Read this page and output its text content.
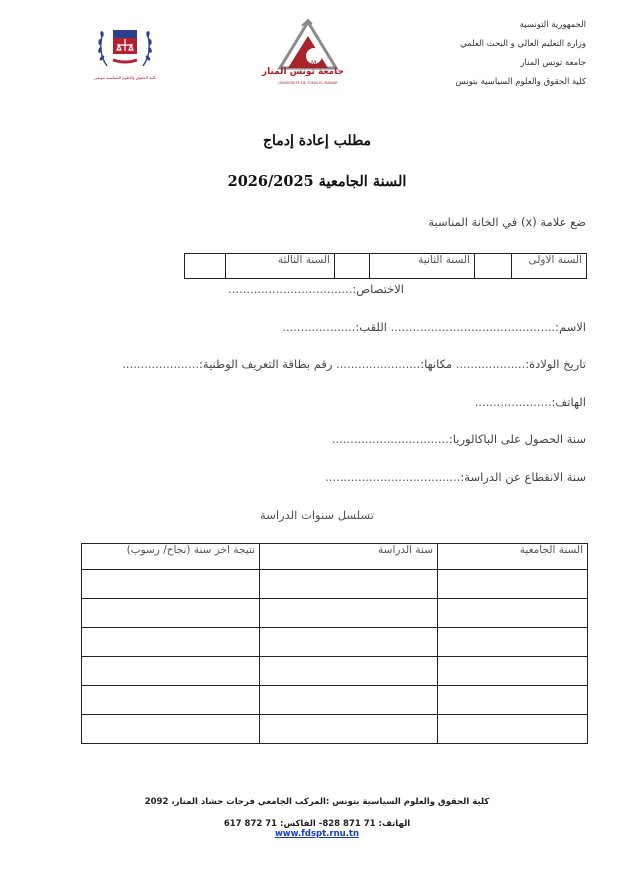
كلية الحقوق والعلوم السياسية بتونس
KTM
جامعة تونس المنار
UNIVERSITÉ DE TUNIS EL MANAR
الجمهورية التونسية
وزارة التعليم العالي و البحث العلمي
جامعة تونس المنار
كلية الحقوق والعلوم السياسية بتونس
مطلب إعادة إدماج
السنة الجامعية 2026/2025
ضع علامة (x) في الخانة المناسبة
	السنة الثالثة		السنة الثانية		السنة الاولى
الاختصاص:..................................
الاسم:............................................. اللقب:....................
تاريخ الولادة:................... مكانها:....................... رقم بطاقة التعريف الوطنية:.....................
الهاتف:.....................
سنة الحصول على الباكالوريا:................................
سنة الانقطاع عن الدراسة:.....................................
تسلسل سنوات الدراسة
نتيجة اخر سنة (نجاح/ رسوب)	سنة الدراسة	السنة الجامعية

كلية الحقوق والعلوم السياسية بتونس :المركب الجامعي فرحات حشاد المنار، 2092
الهاتف: 71 871 828- الفاكس: 71 872 617
www.fdspt.rnu.tn
